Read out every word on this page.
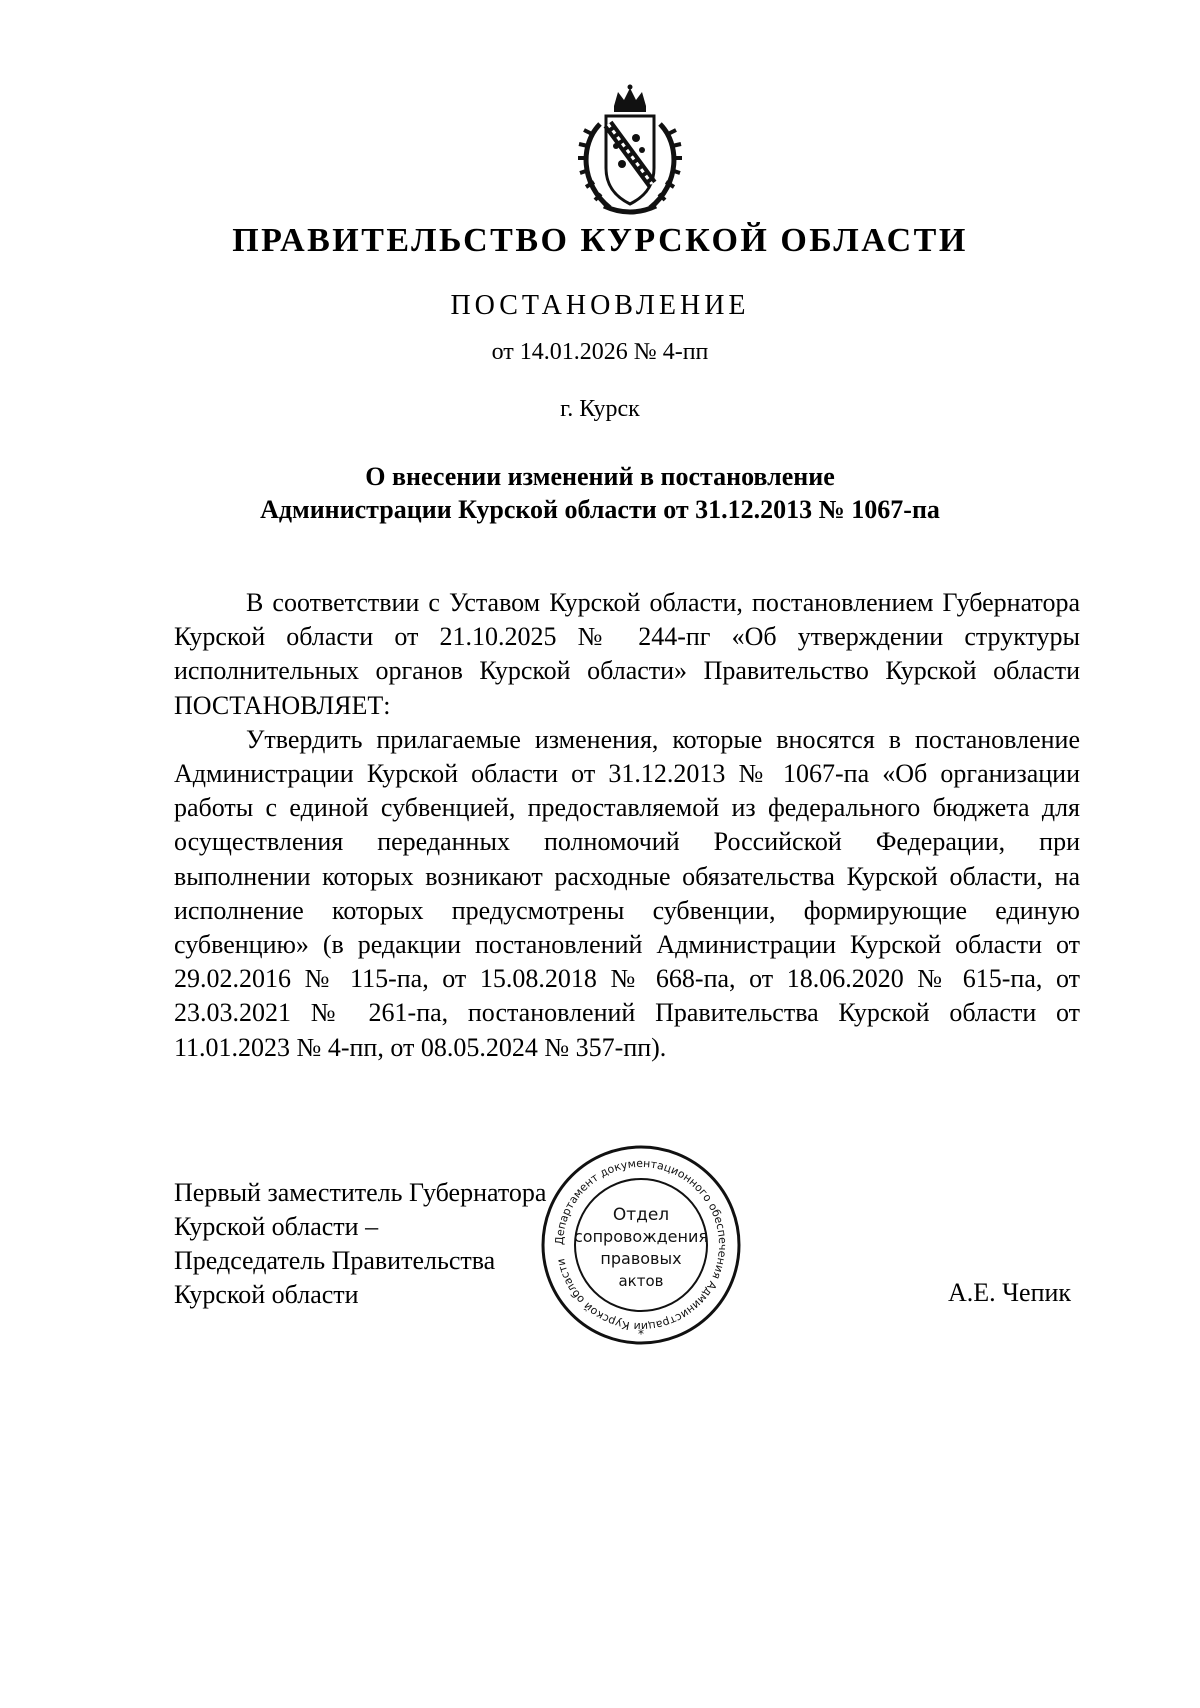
ПРАВИТЕЛЬСТВО КУРСКОЙ ОБЛАСТИ
ПОСТАНОВЛЕНИЕ
от 14.01.2026 № 4-пп
г. Курск
О внесении изменений в постановление
Администрации Курской области от 31.12.2013 № 1067-па

В соответствии с Уставом Курской области, постановлением Губернатора Курской области от 21.10.2025 № 244-пг «Об утверждении структуры исполнительных органов Курской области» Правительство Курской области ПОСТАНОВЛЯЕТ:

Утвердить прилагаемые изменения, которые вносятся в постановление Администрации Курской области от 31.12.2013 № 1067-па «Об организации работы с единой субвенцией, предоставляемой из федерального бюджета для осуществления переданных полномочий Российской Федерации, при выполнении которых возникают расходные обязательства Курской области, на исполнение которых предусмотрены субвенции, формирующие единую субвенцию» (в редакции постановлений Администрации Курской области от 29.02.2016 № 115-па, от 15.08.2018 № 668-па, от 18.06.2020 № 615-па, от 23.03.2021 № 261-па, постановлений Правительства Курской области от 11.01.2023 № 4-пп, от 08.05.2024 № 357-пп).

Первый заместитель Губернатора
Курской области –
Председатель Правительства
Курской области	А.Е. Чепик
Департамент документационного обеспечения Администрации Курской области
Отдел
сопровождения
правовых
актов
*
